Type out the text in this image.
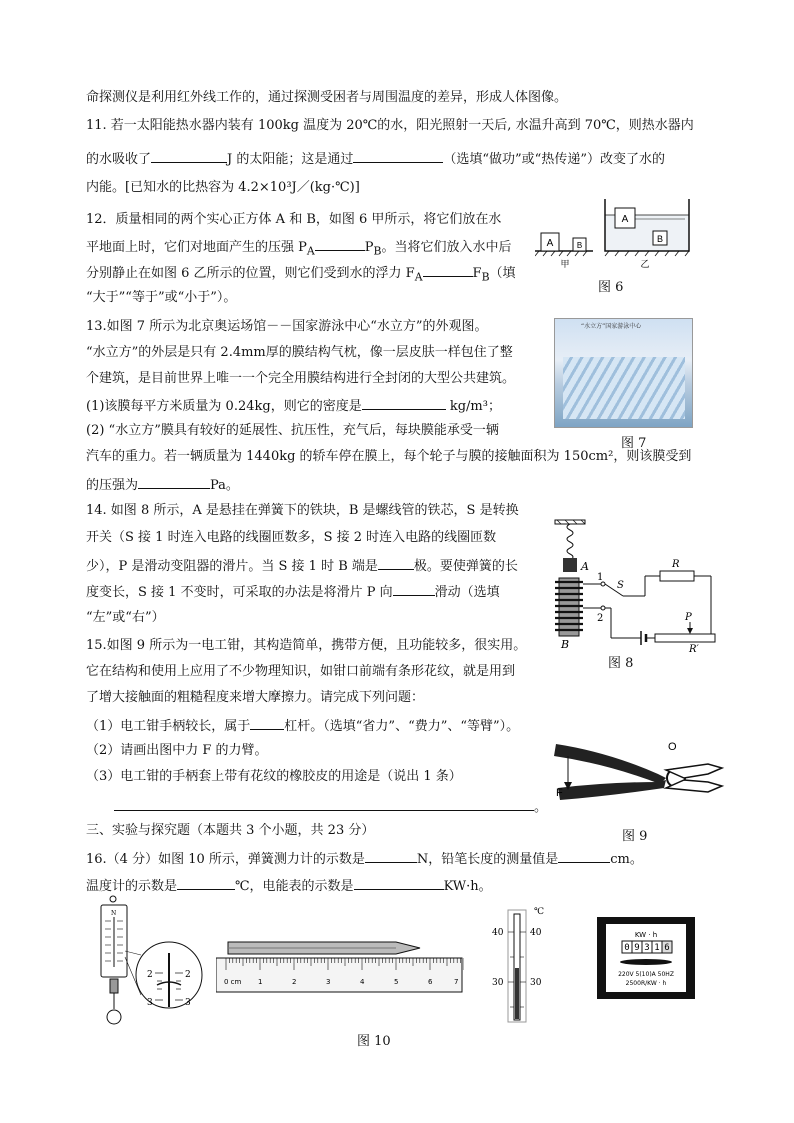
命探测仪是利用红外线工作的，通过探测受困者与周围温度的差异，形成人体图像。
11. 若一太阳能热水器内装有 100kg 温度为 20℃的水，阳光照射一天后, 水温升高到 70℃，则热水器内
的水吸收了	J 的太阳能；这是通过	（选填“做功”或“热传递”）改变了水的
内能。[已知水的比热容为 4.2×10³J／(kg·℃)]
12．质量相同的两个实心正方体 A 和 B，如图 6 甲所示，将它们放在水
平地面上时，它们对地面产生的压强 $P_A$	$P_B$。当将它们放入水中后
分别静止在如图 6 乙所示的位置，则它们受到水的浮力 $F_A$	$F_B$（填
“大于”“等于”或“小于”）。
13.如图 7 所示为北京奥运场馆－－国家游泳中心“水立方”的外观图。
“水立方”的外层是只有 2.4mm厚的膜结构气枕，像一层皮肤一样包住了整
个建筑，是目前世界上唯一一个完全用膜结构进行全封闭的大型公共建筑。
(1)该膜每平方米质量为 0.24kg，则它的密度是	kg/m³；
(2) “水立方”膜具有较好的延展性、抗压性，充气后，每块膜能承受一辆
汽车的重力。若一辆质量为 1440kg 的轿车停在膜上，每个轮子与膜的接触面积为 150cm²，则该膜受到
的压强为	Pa。
14. 如图 8 所示，A 是悬挂在弹簧下的铁块，B 是螺线管的铁芯，S 是转换
开关（S 接 1 时连入电路的线圈匝数多，S 接 2 时连入电路的线圈匝数
少），P 是滑动变阻器的滑片。当 S 接 1 时 B 端是	极。要使弹簧的长
度变长，S 接 1 不变时，可采取的办法是将滑片 P 向	滑动（选填
“左”或“右”）
15.如图 9 所示为一电工钳，其构造简单，携带方便，且功能较多，很实用。
它在结构和使用上应用了不少物理知识，如钳口前端有条形花纹，就是用到
了增大接触面的粗糙程度来增大摩擦力。请完成下列问题：
（1）电工钳手柄较长，属于	杠杆。（选填“省力”、“费力”、“等臂”）。
（2）请画出图中力 F 的力臂。
（3）电工钳的手柄套上带有花纹的橡胶皮的用途是（说出 1 条）
。
三、实验与探究题（本题共 3 个小题，共 23 分）
16.（4 分）如图 10 所示，弹簧测力计的示数是	N，铅笔长度的测量值是	cm。
温度计的示数是	℃，电能表的示数是	KW·h。
A	B
甲
A
B
乙
图 6
“水立方”国家游泳中心
图 7
A
B
1
2
S
R
P
R′
图 8
O
F
图 9
N
2
3
2
3
0 cm 1	2	3	4	5	6	7
℃
40	40
30	30
KW · h
0 9 3 1 6
220V 5(10)A 50HZ
2500R/KW · h
图 10
